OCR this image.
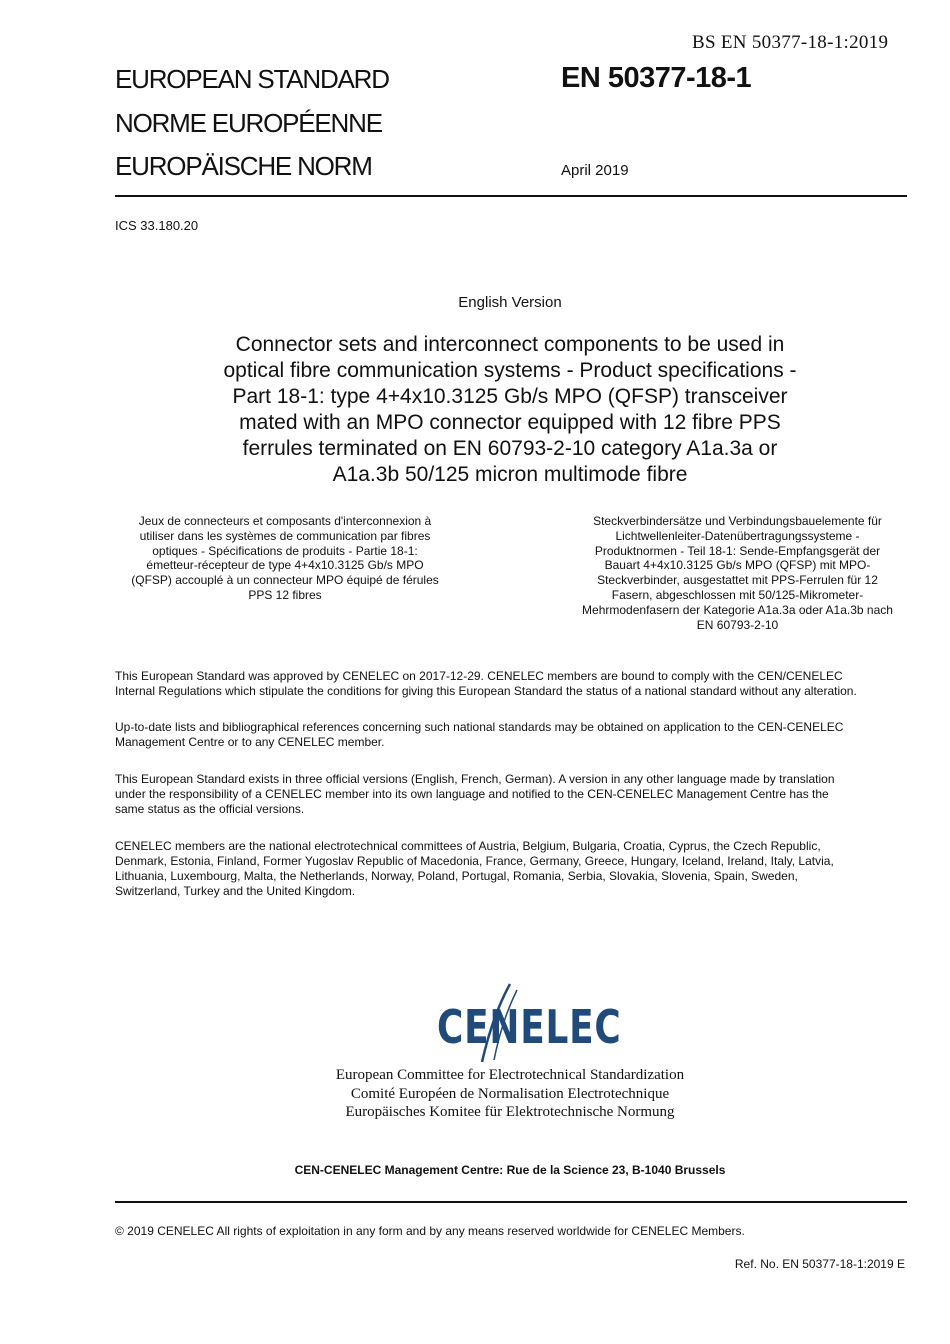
BS EN 50377-18-1:2019
EUROPEAN STANDARD
NORME EUROPÉENNE
EUROPÄISCHE NORM
EN 50377-18-1
April 2019
ICS 33.180.20
English Version
Connector sets and interconnect components to be used in
optical fibre communication systems - Product specifications -
Part 18-1: type 4+4x10.3125 Gb/s MPO (QFSP) transceiver
mated with an MPO connector equipped with 12 fibre PPS
ferrules terminated on EN 60793-2-10 category A1a.3a or
A1a.3b 50/125 micron multimode fibre
Jeux de connecteurs et composants d'interconnexion à
utiliser dans les systèmes de communication par fibres
optiques - Spécifications de produits - Partie 18-1:
émetteur-récepteur de type 4+4x10.3125 Gb/s MPO
(QFSP) accouplé à un connecteur MPO équipé de férules
PPS 12 fibres
Steckverbindersätze und Verbindungsbauelemente für
Lichtwellenleiter-Datenübertragungssysteme -
Produktnormen - Teil 18-1: Sende-Empfangsgerät der
Bauart 4+4x10.3125 Gb/s MPO (QFSP) mit MPO-
Steckverbinder, ausgestattet mit PPS-Ferrulen für 12
Fasern, abgeschlossen mit 50/125-Mikrometer-
Mehrmodenfasern der Kategorie A1a.3a oder A1a.3b nach
EN 60793-2-10
This European Standard was approved by CENELEC on 2017-12-29. CENELEC members are bound to comply with the CEN/CENELEC
Internal Regulations which stipulate the conditions for giving this European Standard the status of a national standard without any alteration.
Up-to-date lists and bibliographical references concerning such national standards may be obtained on application to the CEN-CENELEC
Management Centre or to any CENELEC member.
This European Standard exists in three official versions (English, French, German). A version in any other language made by translation
under the responsibility of a CENELEC member into its own language and notified to the CEN-CENELEC Management Centre has the
same status as the official versions.
CENELEC members are the national electrotechnical committees of Austria, Belgium, Bulgaria, Croatia, Cyprus, the Czech Republic,
Denmark, Estonia, Finland, Former Yugoslav Republic of Macedonia, France, Germany, Greece, Hungary, Iceland, Ireland, Italy, Latvia,
Lithuania, Luxembourg, Malta, the Netherlands, Norway, Poland, Portugal, Romania, Serbia, Slovakia, Slovenia, Spain, Sweden,
Switzerland, Turkey and the United Kingdom.
CENELEC
European Committee for Electrotechnical Standardization
Comité Européen de Normalisation Electrotechnique
Europäisches Komitee für Elektrotechnische Normung
CEN-CENELEC Management Centre: Rue de la Science 23, B-1040 Brussels
© 2019 CENELEC All rights of exploitation in any form and by any means reserved worldwide for CENELEC Members.
Ref. No. EN 50377-18-1:2019 E
